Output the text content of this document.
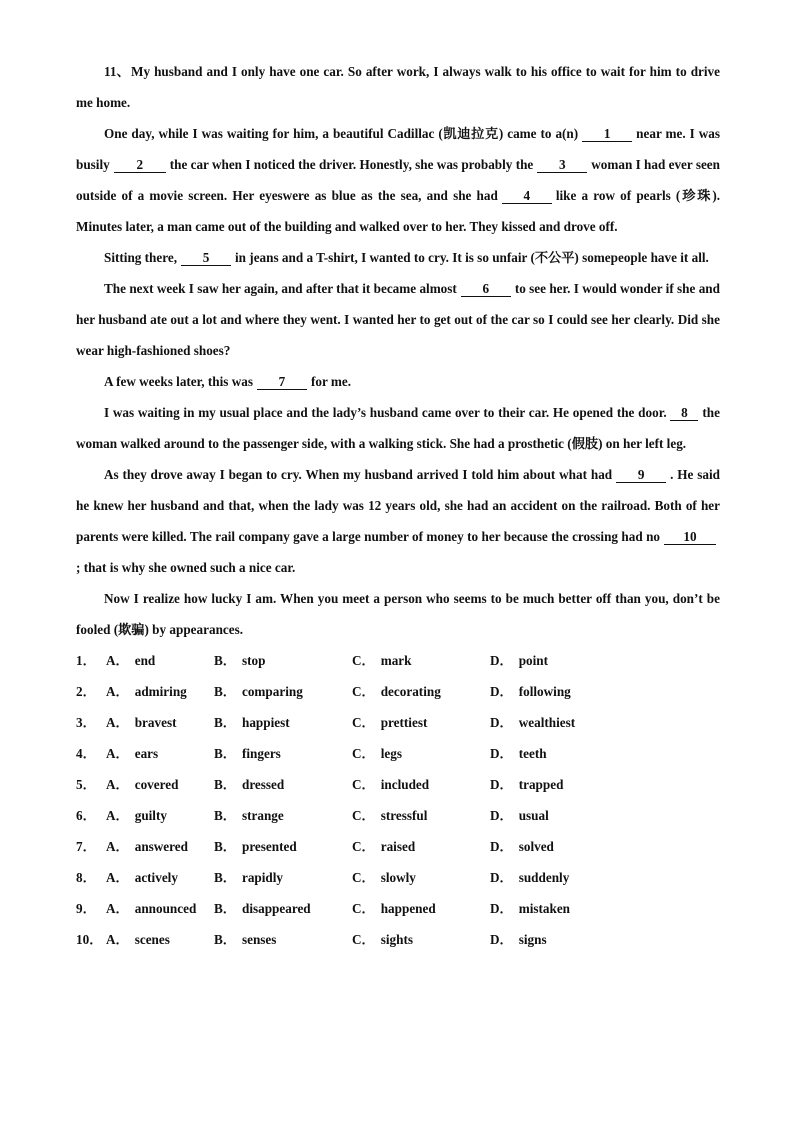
11、My husband and I only have one car. So after work, I always walk to his office to wait for him to drive me home.

One day, while I was waiting for him, a beautiful Cadillac (凯迪拉克) came to a(n) 1 near me. I was busily 2 the car when I noticed the driver. Honestly, she was probably the 3 woman I had ever seen outside of a movie screen. Her eyeswere as blue as the sea, and she had 4 like a row of pearls (珍珠). Minutes later, a man came out of the building and walked over to her. They kissed and drove off.

Sitting there, 5 in jeans and a T-shirt, I wanted to cry. It is so unfair (不公平) somepeople have it all.

The next week I saw her again, and after that it became almost 6 to see her. I would wonder if she and her husband ate out a lot and where they went. I wanted her to get out of the car so I could see her clearly. Did she wear high-fashioned shoes?

A few weeks later, this was 7 for me.

I was waiting in my usual place and the lady’s husband came over to their car. He opened the door. 8 the woman walked around to the passenger side, with a walking stick. She had a prosthetic (假肢) on her left leg.

As they drove away I began to cry. When my husband arrived I told him about what had 9 . He said he knew her husband and that, when the lady was 12 years old, she had an accident on the railroad. Both of her parents were killed. The rail company gave a large number of money to her because the crossing had no 10; that is why she owned such a nice car.

Now I realize how lucky I am. When you meet a person who seems to be much better off than you, don’t be fooled (欺骗) by appearances.

1． A． end	B． stop	C． mark	D． point
2． A． admiring	B． comparing	C． decorating	D． following
3． A． bravest	B． happiest	C． prettiest	D． wealthiest
4． A． ears	B． fingers	C． legs	D． teeth
5． A． covered	B． dressed	C． included	D． trapped
6． A． guilty	B． strange	C． stressful	D． usual
7． A． answered	B． presented	C． raised	D． solved
8． A． actively	B． rapidly	C． slowly	D． suddenly
9． A． announced	B． disappeared	C． happened	D． mistaken
10． A． scenes	B． senses	C． sights	D． signs
